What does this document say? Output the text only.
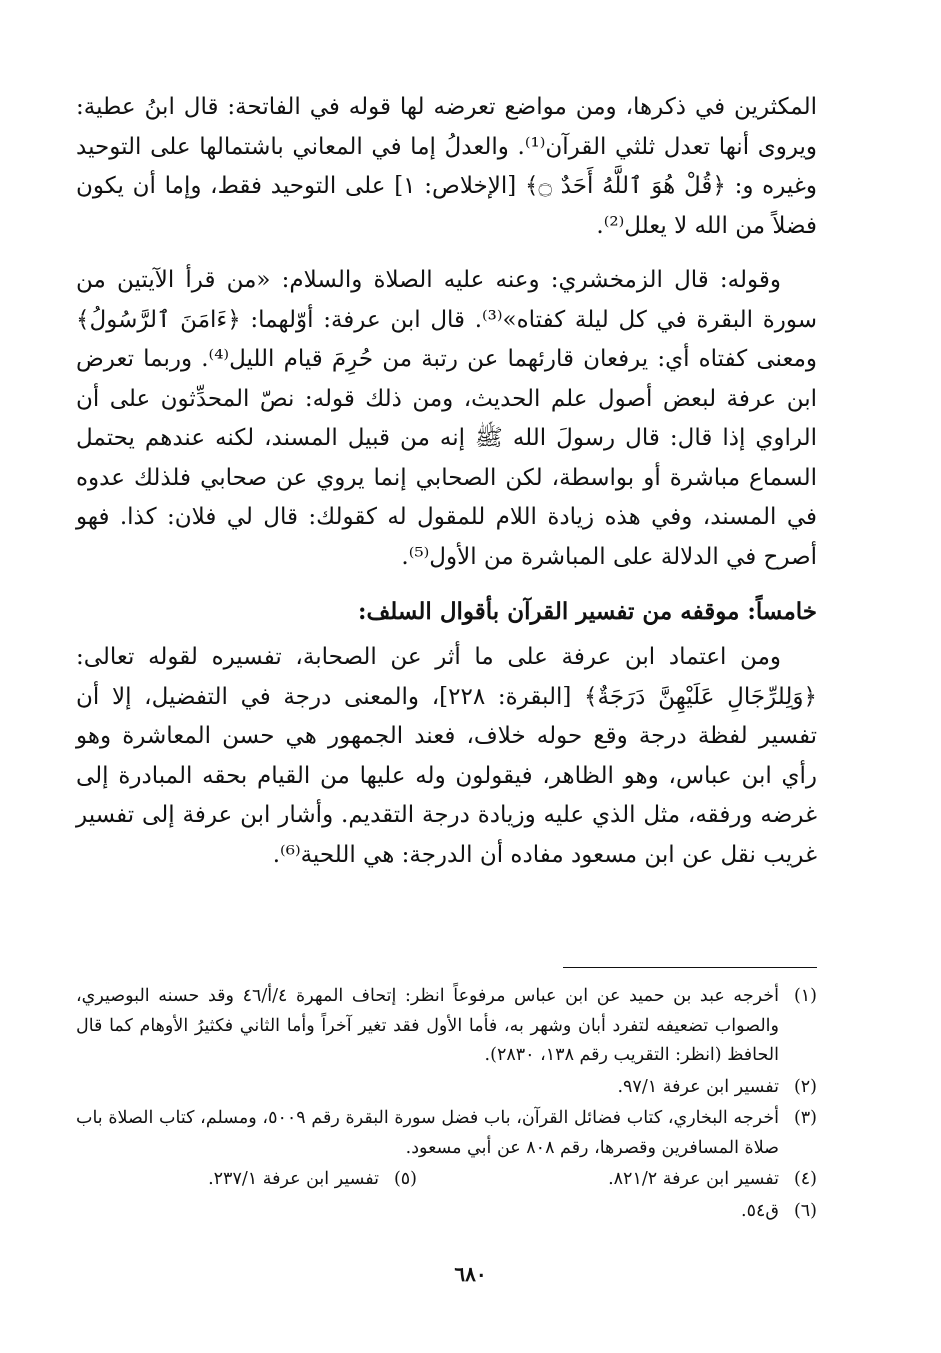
المكثرين في ذكرها، ومن مواضع تعرضه لها قوله في الفاتحة: قال ابنُ عطية: ويروى أنها تعدل ثلثي القرآن⁽¹⁾. والعدلُ إما في المعاني باشتمالها على التوحيد وغيره و: ﴿قُلْ هُوَ ٱللَّهُ أَحَدٌ ۝﴾ [الإخلاص: ١] على التوحيد فقط، وإما أن يكون فضلاً من الله لا يعلل⁽²⁾.

وقوله: قال الزمخشري: وعنه عليه الصلاة والسلام: «من قرأ الآيتين من سورة البقرة في كل ليلة كفتاه»⁽³⁾. قال ابن عرفة: أوّلهما: ﴿ءَامَنَ ٱلرَّسُولُ﴾ ومعنى كفتاه أي: يرفعان قارئهما عن رتبة من حُرِمَ قيام الليل⁽⁴⁾. وربما تعرض ابن عرفة لبعض أصول علم الحديث، ومن ذلك قوله: نصّ المحدِّثون على أن الراوي إذا قال: قال رسولَ الله ﷺ إنه من قبيل المسند، لكنه عندهم يحتمل السماع مباشرة أو بواسطة، لكن الصحابي إنما يروي عن صحابي فلذلك عدوه في المسند، وفي هذه زيادة اللام للمقول له كقولك: قال لي فلان: كذا. فهو أصرح في الدلالة على المباشرة من الأول⁽⁵⁾.

خامساً: موقفه من تفسير القرآن بأقوال السلف:

ومن اعتماد ابن عرفة على ما أثر عن الصحابة، تفسيره لقوله تعالى: ﴿وَلِلرِّجَالِ عَلَيْهِنَّ دَرَجَةٌ﴾ [البقرة: ٢٢٨]، والمعنى درجة في التفضيل، إلا أن تفسير لفظة درجة وقع حوله خلاف، فعند الجمهور هي حسن المعاشرة وهو رأي ابن عباس، وهو الظاهر، فيقولون وله عليها من القيام بحقه المبادرة إلى غرضه ورفقه، مثل الذي عليه وزيادة درجة التقديم. وأشار ابن عرفة إلى تفسير غريب نقل عن ابن مسعود مفاده أن الدرجة: هي اللحية⁽⁶⁾.

(١)
أخرجه عبد بن حميد عن ابن عباس مرفوعاً انظر: إتحاف المهرة ٤/أ/٤٦ وقد حسنه البوصيري، والصواب تضعيفه لتفرد أبان وشهر به، فأما الأول فقد تغير آخراً وأما الثاني فكثيرُ الأوهام كما قال الحافظ (انظر: التقريب رقم ١٣٨، ٢٨٣٠).
(٢)
تفسير ابن عرفة ٩٧/١.
(٣)
أخرجه البخاري، كتاب فضائل القرآن، باب فضل سورة البقرة رقم ٥٠٠٩، ومسلم، كتاب الصلاة باب صلاة المسافرين وقصرها، رقم ٨٠٨ عن أبي مسعود.
(٤)
تفسير ابن عرفة ٨٢١/٢.
(٥)
تفسير ابن عرفة ٢٣٧/١.
(٦)
ق٥٤.
٦٨٠
